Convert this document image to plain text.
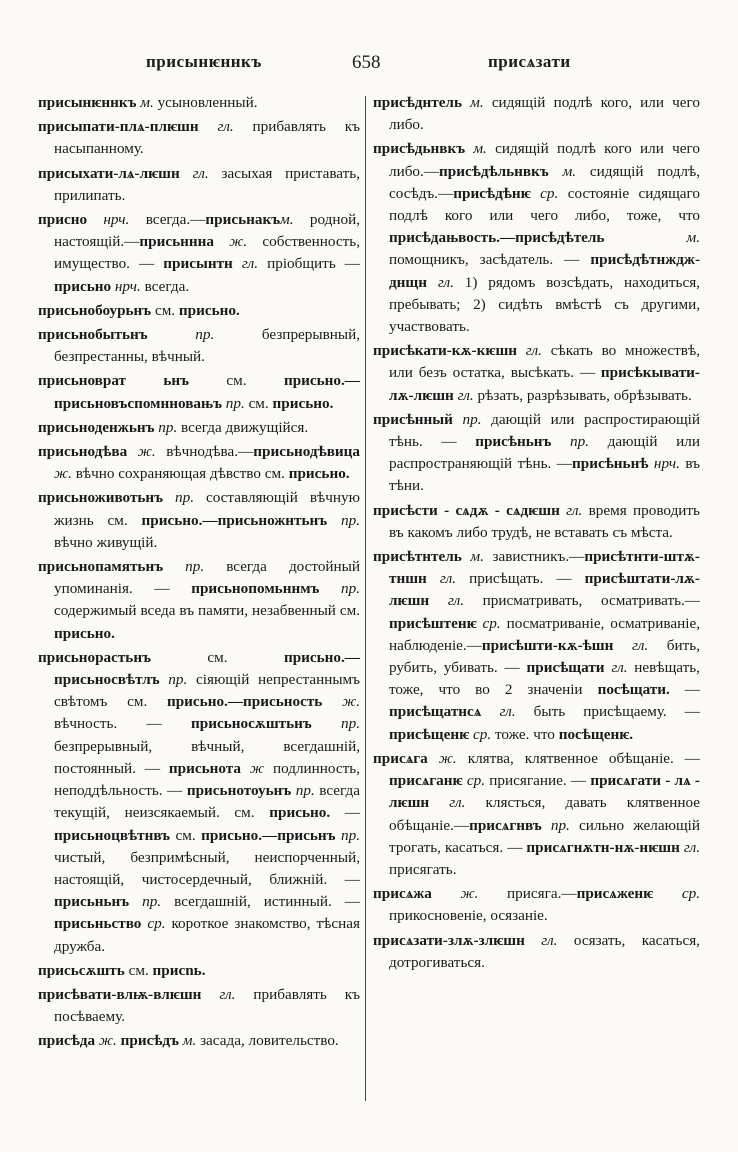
присынѥннкъ	658	присѧзати
присынѥннкъ м. усыновленный.
присыпати-плѧ-плѥшн гл. прибавлять къ насыпанному.
присыхати-лѧ-лѥшн гл. засыхая приставать, прилипать.
присно нрч. всегда.—присьнакъм. родной, настоящій.—присьннна ж. собственность, имущество. — присынтн гл. пріобщить — присьно нрч. всегда.
присьнобоурьнъ см. присьно.
присьнобытьнъ пр. безпрерывный, безпрестанны, вѣчный.
присьноврат ьнъ см. присьно.—присьновъспомнновањъ пр. см. присьно.
присьноденжьнъ пр. всегда движущійся.
присьнодѣва ж. вѣчнодѣва.—присьнодѣвица ж. вѣчно сохраняющая дѣвство см. присьно.
присьноживотьнъ пр. составляющій вѣчную жизнь см. присьно.—присьножнтьнъ пр. вѣчно живущій.
присьнопамятьнъ пр. всегда достойный упоминанія. — присьнопомьннмъ пр. содержимый вседа въ памяти, незабвенный см. присьно.
присьнорастьнъ см. присьно.—присьносвѣтлъ пр. сіяющій непрестаннымъ свѣтомъ см. присьно.—присьность ж. вѣчность. — присьносѫштьнъ пр. безпрерывный, вѣчный, всегдашній, постоянный. — присьнота ж подлинность, неподдѣльность. — присьнотоуьнъ пр. всегда текущій, неизсякаемый. см. присьно. — присьноцвѣтнвъ см. присьно.—присьнъ пр. чистый, безпримѣсный, неиспорченный, настоящій, чистосердечный, ближній. — присьньнъ пр. всегдашній, истинный. — присьньство ср. короткое знакомство, тѣсная дружба.
присьсѫшть см. присnь.
присѣвати-влѭ-влѥшн гл. прибавлять къ посѣваему.
присѣда ж. присѣдъ м. засада, ловительство.
присѣднтель м. сидящій подлѣ кого, или чего либо.
присѣдьнвкъ м. сидящій подлѣ кого или чего либо.—присѣдѣльнвкъ м. сидящій подлѣ, сосѣдъ.—присѣдѣнѥ ср. состояніе сидящаго подлѣ кого или чего либо, тоже, что присѣдањвость.—присѣдѣтель м. помощникъ, засѣдатель. — присѣдѣтнждж-днщн гл. 1) рядомъ возсѣдать, находиться, пребывать; 2) сидѣть вмѣстѣ съ другими, участвовать.
присѣкати-кѫ-кѥшн гл. сѣкать во множествѣ, или безъ остатка, высѣкать. — присѣкывати-лѫ-лѥшн гл. рѣзать, разрѣзывать, обрѣзывать.
присѣнный пр. дающій или распростирающій тѣнь. — присѣньнъ пр. дающій или распространяющій тѣнь. —присѣньнѣ нрч. въ тѣни.
присѣсти - сѧдѫ - сѧдѥшн гл. время проводить въ какомъ либо трудѣ, не вставать съ мѣста.
присѣтнтель м. завистникъ.—присѣтнти-штѫ-тншн гл. присѣщать. — присѣштати-лѫ-лѥшн гл. присматривать, осматривать.—присѣштенѥ ср. посматриваніе, осматриваніе, наблюденіе.—присѣшти-кѫ-ѣшн гл. бить, рубить, убивать. — присѣщати гл. невѣщать, тоже, что во 2 значеніи посѣщати. — присѣщатнсѧ гл. быть присѣщаему. — присѣщенѥ ср. тоже. что посѣщенѥ.
присѧга ж. клятва, клятвенное обѣщаніе. — присѧганѥ ср. присягание. — присѧгати - лѧ - лѥшн гл. клясться, давать клятвенное обѣщаніе.—присѧгнвъ пр. сильно желающій трогать, касаться. — присѧгнѫтн-нѫ-нѥшн гл. присягать.
присѧжа ж. присяга.—присѧженѥ ср. прикосновеніе, осязаніе.
присѧзати-злѫ-злѥшн гл. осязать, касаться, дотрогиваться.
